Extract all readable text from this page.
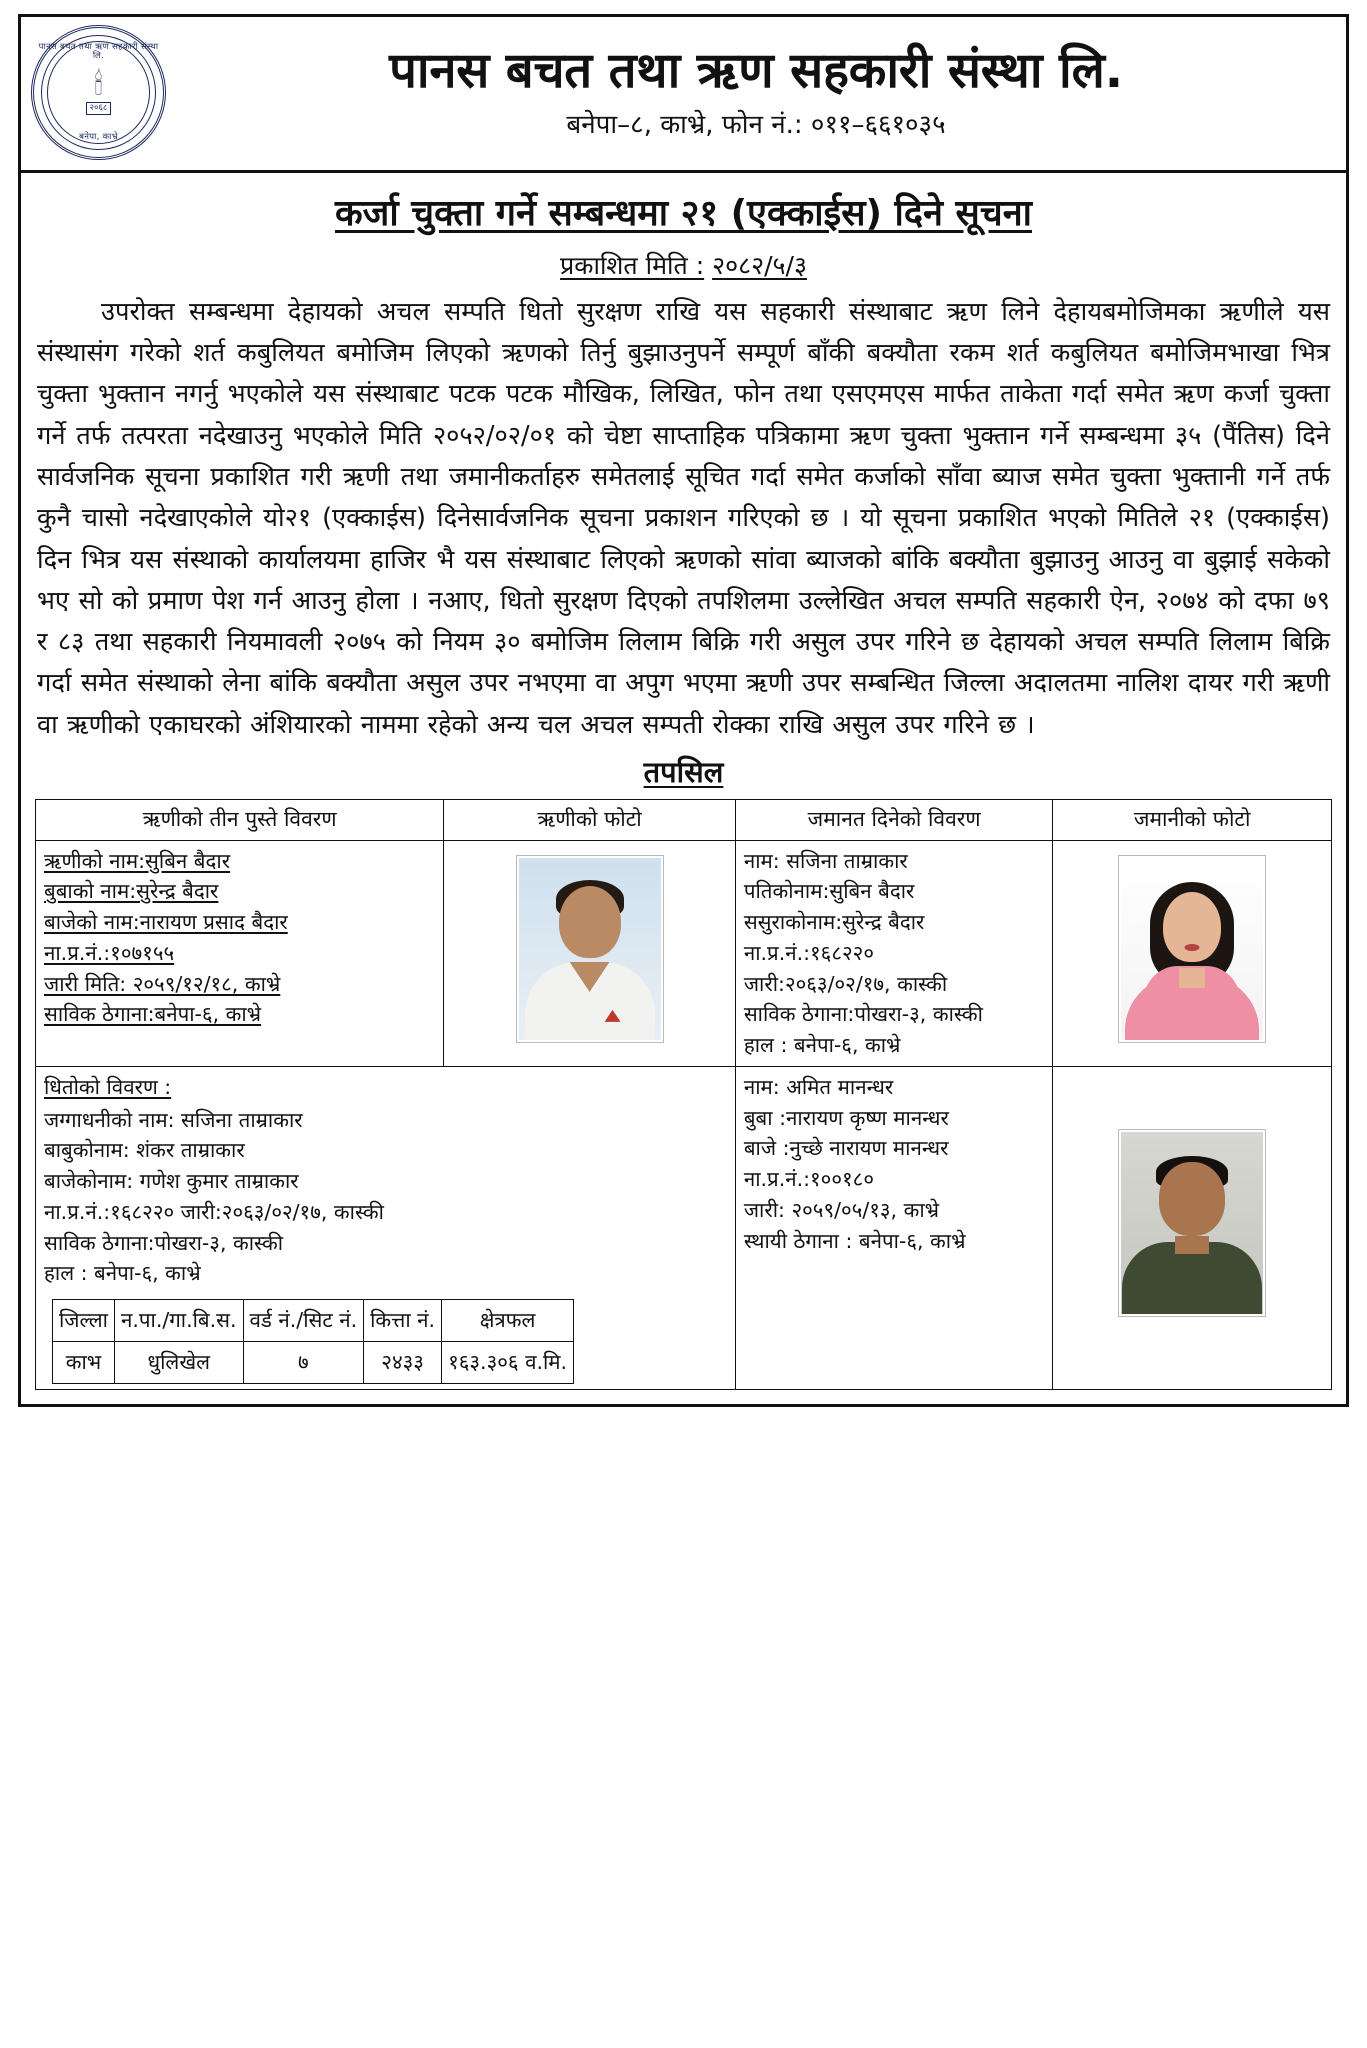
पानस बचत तथा ऋण सहकारी संस्था लि.
🕯
२०६८
बनेपा, काभ्रे
पानस बचत तथा ऋण सहकारी संस्था लि.
बनेपा–८, काभ्रे, फोन नं.: ०११–६६१०३५
कर्जा चुक्ता गर्ने सम्बन्धमा २१ (एक्काईस) दिने सूचना
प्रकाशित मिति : २०८२/५/३
उपरोक्त सम्बन्धमा देहायको अचल सम्पति धितो सुरक्षण राखि यस सहकारी संस्थाबाट ऋण लिने देहायबमोजिमका ऋणीले यस संस्थासंग गरेको शर्त कबुलियत बमोजिम लिएको ऋणको तिर्नु बुझाउनुपर्ने सम्पूर्ण बाँकी बक्यौता रकम शर्त कबुलियत बमोजिमभाखा भित्र चुक्ता भुक्तान नगर्नु भएकोले यस संस्थाबाट पटक पटक मौखिक, लिखित, फोन तथा एसएमएस मार्फत ताकेता गर्दा समेत ऋण कर्जा चुक्ता गर्ने तर्फ तत्परता नदेखाउनु भएकोले मिति २०५२/०२/०१ को चेष्टा साप्ताहिक पत्रिकामा ऋण चुक्ता भुक्तान गर्ने सम्बन्धमा ३५ (पैंतिस) दिने सार्वजनिक सूचना प्रकाशित गरी ऋणी तथा जमानीकर्ताहरु समेतलाई सूचित गर्दा समेत कर्जाको साँवा ब्याज समेत चुक्ता भुक्तानी गर्ने तर्फ कुनै चासो नदेखाएकोले यो२१ (एक्काईस) दिनेसार्वजनिक सूचना प्रकाशन गरिएको छ । यो सूचना प्रकाशित भएको मितिले २१ (एक्काईस) दिन भित्र यस संस्थाको कार्यालयमा हाजिर भै यस संस्थाबाट लिएको ऋणको सांवा ब्याजको बांकि बक्यौता बुझाउनु आउनु वा बुझाई सकेको भए सो को प्रमाण पेश गर्न आउनु होला । नआए, धितो सुरक्षण दिएको तपशिलमा उल्लेखित अचल सम्पति सहकारी ऐन, २०७४ को दफा ७९ र ८३ तथा सहकारी नियमावली २०७५ को नियम ३० बमोजिम लिलाम बिक्रि गरी असुल उपर गरिने छ देहायको अचल सम्पति लिलाम बिक्रि गर्दा समेत संस्थाको लेना बांकि बक्यौता असुल उपर नभएमा वा अपुग भएमा ऋणी उपर सम्बन्धित जिल्ला अदालतमा नालिश दायर गरी ऋणी वा ऋणीको एकाघरको अंशियारको नाममा रहेको अन्य चल अचल सम्पती रोक्का राखि असुल उपर गरिने छ ।
तपसिल
ऋणीको तीन पुस्ते विवरण	ऋणीको फोटो	जमानत दिनेको विवरण	जमानीको फोटो

ऋणीको नाम:सुबिन बैदार
बुबाको नाम:सुरेन्द्र बैदार
बाजेको नाम:नारायण प्रसाद बैदार
ना.प्र.नं.:१०७१५५
जारी मिति: २०५९/१२/१८, काभ्रे
साविक ठेगाना:बनेपा-६, काभ्रे

नाम: सजिना ताम्राकार
पतिकोनाम:सुबिन बैदार
ससुराकोनाम:सुरेन्द्र बैदार
ना.प्र.नं.:१६८२२०
जारी:२०६३/०२/१७, कास्की
साविक ठेगाना:पोखरा-३, कास्की
हाल : बनेपा-६, काभ्रे

धितोको विवरण :
जग्गाधनीको नाम: सजिना ताम्राकार
बाबुकोनाम: शंकर ताम्राकार
बाजेकोनाम: गणेश कुमार ताम्राकार
ना.प्र.नं.:१६८२२० जारी:२०६३/०२/१७, कास्की
साविक ठेगाना:पोखरा-३, कास्की
हाल : बनेपा-६, काभ्रे
जिल्ला	न.पा./गा.बि.स.	वर्ड नं./सिट नं.	कित्ता नं.	क्षेत्रफल
काभ	धुलिखेल	७	२४३३	१६३.३०६ व.मि.

नाम: अमित मानन्धर
बुबा :नारायण कृष्ण मानन्धर
बाजे :नुच्छे नारायण मानन्धर
ना.प्र.नं.:१००१८०
जारी: २०५९/०५/१३, काभ्रे
स्थायी ठेगाना : बनेपा-६, काभ्रे
